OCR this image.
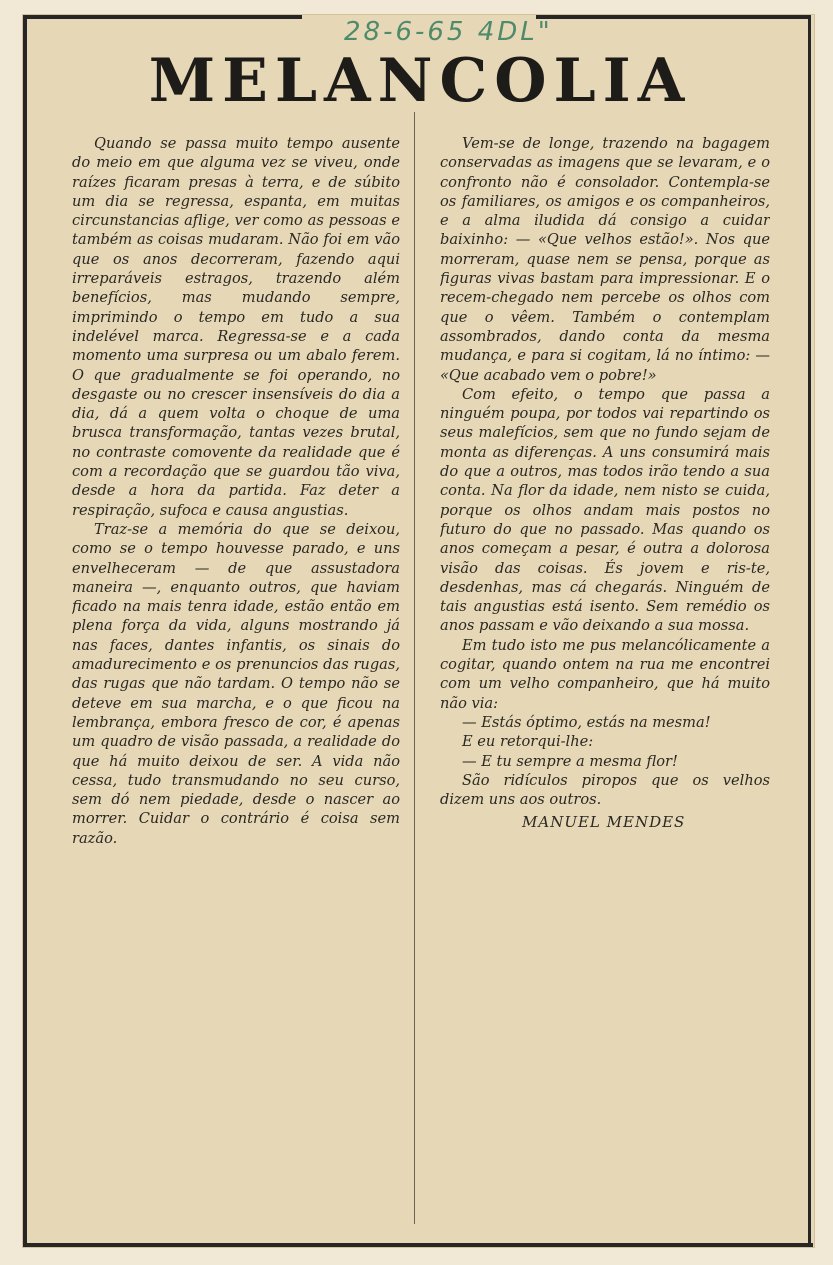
28-6-65 4DL"
MELANCOLIA

Quando se passa muito tempo ausente do meio em que alguma vez se viveu, onde raízes ficaram presas à terra, e de súbito um dia se regressa, espanta, em muitas circunstancias aflige, ver como as pessoas e também as coisas mudaram. Não foi em vão que os anos decorreram, fazendo aqui irreparáveis estragos, trazendo além benefícios, mas mudando sempre, imprimindo o tempo em tudo a sua indelével marca. Regressa-se e a cada momento uma surpresa ou um abalo ferem. O que gradualmente se foi operando, no desgaste ou no crescer insensíveis do dia a dia, dá a quem volta o choque de uma brusca transformação, tantas vezes brutal, no contraste comovente da realidade que é com a recordação que se guardou tão viva, desde a hora da partida. Faz deter a respiração, sufoca e causa angustias.

Traz-se a memória do que se deixou, como se o tempo houvesse parado, e uns envelheceram — de que assustadora maneira —, enquanto outros, que haviam ficado na mais tenra idade, estão então em plena força da vida, alguns mostrando já nas faces, dantes infantis, os sinais do amadurecimento e os prenuncios das rugas, das rugas que não tardam. O tempo não se deteve em sua marcha, e o que ficou na lembrança, embora fresco de cor, é apenas um quadro de visão passada, a realidade do que há muito deixou de ser. A vida não cessa, tudo transmudando no seu curso, sem dó nem piedade, desde o nascer ao morrer. Cuidar o contrário é coisa sem razão.

Vem-se de longe, trazendo na bagagem conservadas as imagens que se levaram, e o confronto não é consolador. Contempla-se os familiares, os amigos e os companheiros, e a alma iludida dá consigo a cuidar baixinho: — «Que velhos estão!». Nos que morreram, quase nem se pensa, porque as figuras vivas bastam para impressionar. E o recem-chegado nem percebe os olhos com que o vêem. Também o contemplam assombrados, dando conta da mesma mudança, e para si cogitam, lá no íntimo: — «Que acabado vem o pobre!»

Com efeito, o tempo que passa a ninguém poupa, por todos vai repartindo os seus malefícios, sem que no fundo sejam de monta as diferenças. A uns consumirá mais do que a outros, mas todos irão tendo a sua conta. Na flor da idade, nem nisto se cuida, porque os olhos andam mais postos no futuro do que no passado. Mas quando os anos começam a pesar, é outra a dolorosa visão das coisas. És jovem e ris-te, desdenhas, mas cá chegarás. Ninguém de tais angustias está isento. Sem remédio os anos passam e vão deixando a sua mossa.

Em tudo isto me pus melancólicamente a cogitar, quando ontem na rua me encontrei com um velho companheiro, que há muito não via:

— Estás óptimo, estás na mesma!

E eu retorqui-lhe:

— E tu sempre a mesma flor!

São ridículos piropos que os velhos dizem uns aos outros.

MANUEL MENDES
